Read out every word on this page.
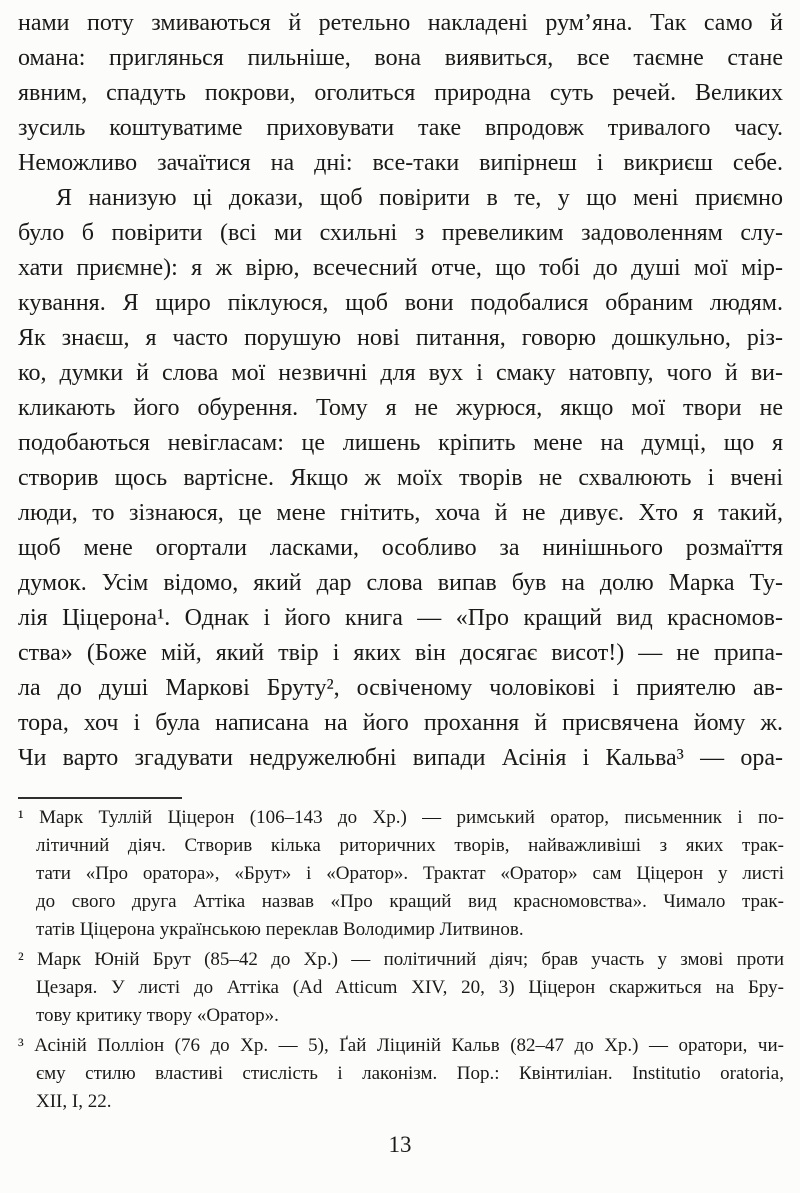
нами поту змиваються й ретельно накладені рум’яна. Так само й
омана: приглянься пильніше, вона виявиться, все таємне стане
явним, спадуть покрови, оголиться природна суть речей. Великих
зусиль коштуватиме приховувати таке впродовж тривалого часу.
Неможливо зачаїтися на дні: все-таки випірнеш і викриєш себе.
Я нанизую ці докази, щоб повірити в те, у що мені приємно
було б повірити (всі ми схильні з превеликим задоволенням слу-
хати приємне): я ж вірю, всечесний отче, що тобі до душі мої мір-
кування. Я щиро піклуюся, щоб вони подобалися обраним людям.
Як знаєш, я часто порушую нові питання, говорю дошкульно, різ-
ко, думки й слова мої незвичні для вух і смаку натовпу, чого й ви-
кликають його обурення. Тому я не журюся, якщо мої твори не
подобаються невігласам: це лишень кріпить мене на думці, що я
створив щось вартісне. Якщо ж моїх творів не схвалюють і вчені
люди, то зізнаюся, це мене гнітить, хоча й не дивує. Хто я такий,
щоб мене огортали ласками, особливо за нинішнього розмаїття
думок. Усім відомо, який дар слова випав був на долю Марка Ту-
лія Ціцерона¹. Однак і його книга — «Про кращий вид красномов-
ства» (Боже мій, який твір і яких він досягає висот!) — не припа-
ла до душі Маркові Бруту², освіченому чоловікові і приятелю ав-
тора, хоч і була написана на його прохання й присвячена йому ж.
Чи варто згадувати недружелюбні випади Асінія і Кальва³ — ора-
¹ Марк Туллій Ціцерон (106–143 до Хр.) — римський оратор, письменник і по-
літичний діяч. Створив кілька риторичних творів, найважливіші з яких трак-
тати «Про оратора», «Брут» і «Оратор». Трактат «Оратор» сам Ціцерон у листі
до свого друга Аттіка назвав «Про кращий вид красномовства». Чимало трак-
татів Ціцерона українською переклав Володимир Литвинов.
² Марк Юній Брут (85–42 до Хр.) — політичний діяч; брав участь у змові проти
Цезаря. У листі до Аттіка (Ad Atticum XIV, 20, 3) Ціцерон скаржиться на Бру-
тову критику твору «Оратор».
³ Асіній Полліон (76 до Хр. — 5), Ґай Ліциній Кальв (82–47 до Хр.) — оратори, чи-
єму стилю властиві стислість і лаконізм. Пор.: Квінтиліан. Institutio oratoria,
XII, I, 22.
13
